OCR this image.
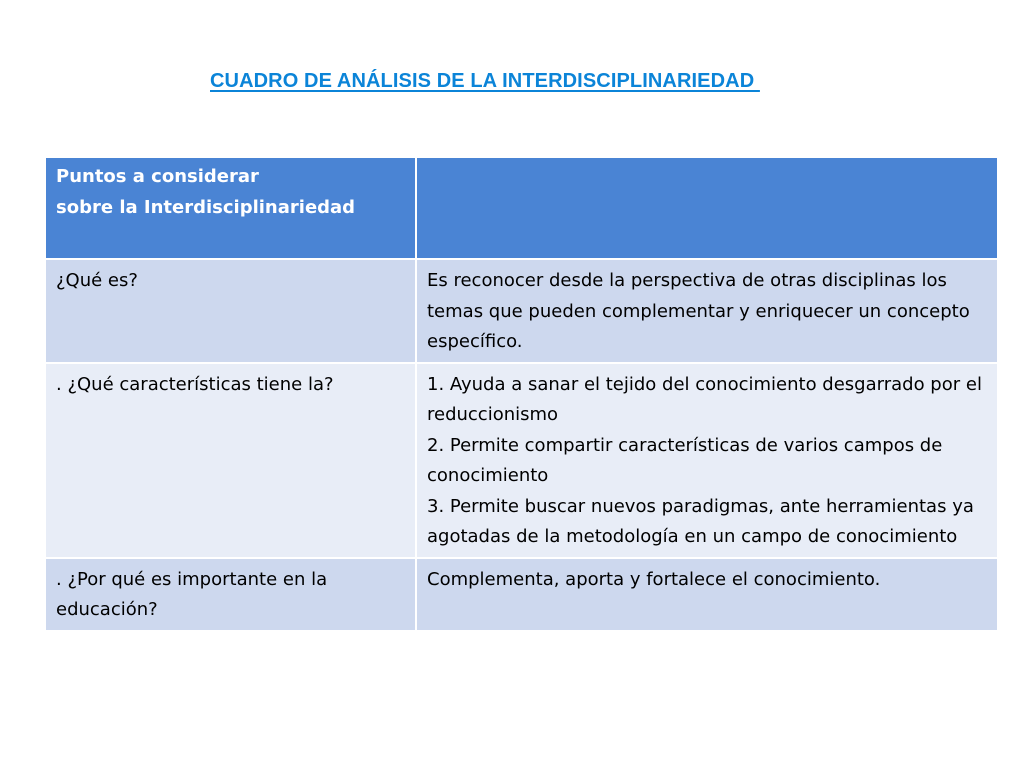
CUADRO DE ANÁLISIS DE LA INTERDISCIPLINARIEDAD
Puntos a considerar
sobre la Interdisciplinariedad	

¿Qué es?	Es reconocer desde la perspectiva de otras disciplinas los temas que pueden complementar y enriquecer un concepto específico.

. ¿Qué características tiene la?	1. Ayuda a sanar el tejido del conocimiento desgarrado por el reduccionismo
2. Permite compartir características de varios campos de conocimiento
3. Permite buscar nuevos paradigmas, ante herramientas ya agotadas de la metodología en un campo de conocimiento

. ¿Por qué es importante en la educación?	Complementa, aporta y fortalece el conocimiento.
